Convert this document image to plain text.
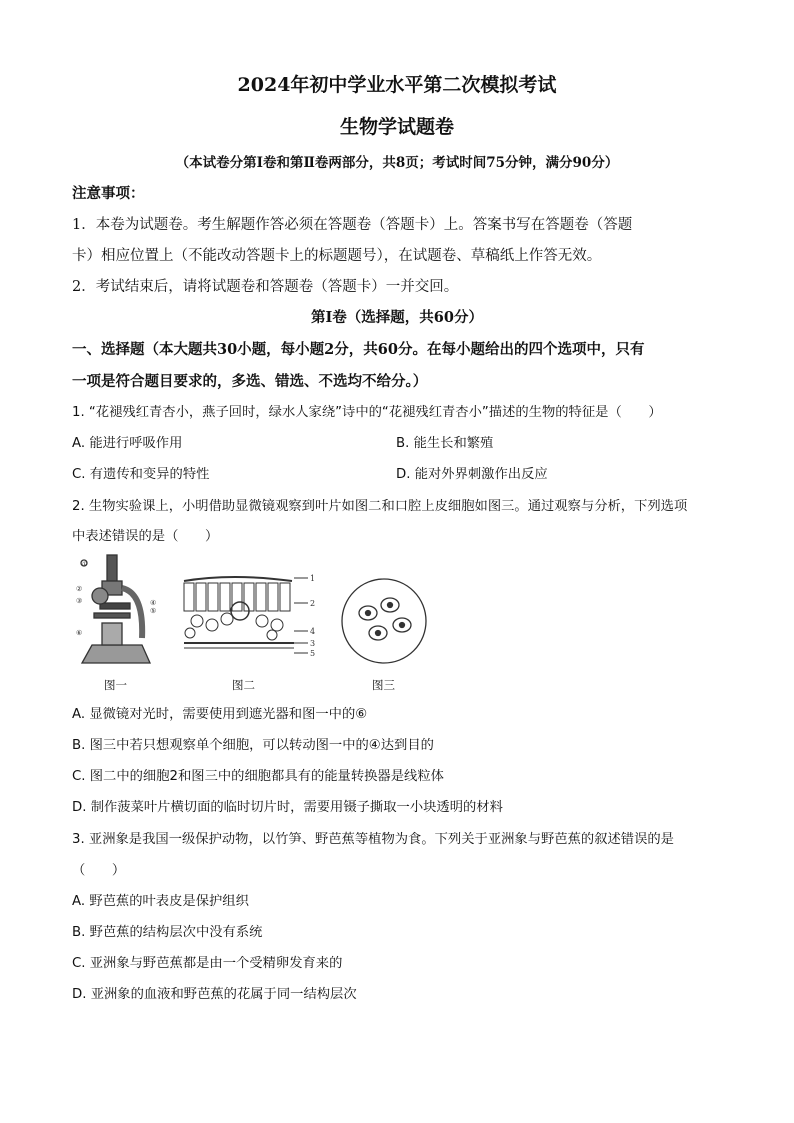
2024年初中学业水平第二次模拟考试
生物学试题卷
（本试卷分第Ⅰ卷和第Ⅱ卷两部分，共8页；考试时间75分钟，满分90分）
注意事项：
1．本卷为试题卷。考生解题作答必须在答题卷（答题卡）上。答案书写在答题卷（答题
卡）相应位置上（不能改动答题卡上的标题题号），在试题卷、草稿纸上作答无效。
2．考试结束后，请将试题卷和答题卷（答题卡）一并交回。
第Ⅰ卷（选择题，共60分）
一、选择题（本大题共30小题，每小题2分，共60分。在每小题给出的四个选项中，只有
一项是符合题目要求的，多选、错选、不选均不给分。）
1. “花褪残红青杏小，燕子回时，绿水人家绕”诗中的“花褪残红青杏小”描述的生物的特征是（　　）
A. 能进行呼吸作用	B. 能生长和繁殖
C. 有遗传和变异的特性	D. 能对外界刺激作出反应
2. 生物实验课上，小明借助显微镜观察到叶片如图二和口腔上皮细胞如图三。通过观察与分析，下列选项
中表述错误的是（　　）
①
②
③
⑥
④
⑤
1
2
4
3
5
图一	图二	图三
A. 显微镜对光时，需要使用到遮光器和图一中的⑥
B. 图三中若只想观察单个细胞，可以转动图一中的④达到目的
C. 图二中的细胞2和图三中的细胞都具有的能量转换器是线粒体
D. 制作菠菜叶片横切面的临时切片时，需要用镊子撕取一小块透明的材料
3. 亚洲象是我国一级保护动物，以竹笋、野芭蕉等植物为食。下列关于亚洲象与野芭蕉的叙述错误的是
（　　）
A. 野芭蕉的叶表皮是保护组织
B. 野芭蕉的结构层次中没有系统
C. 亚洲象与野芭蕉都是由一个受精卵发育来的
D. 亚洲象的血液和野芭蕉的花属于同一结构层次
